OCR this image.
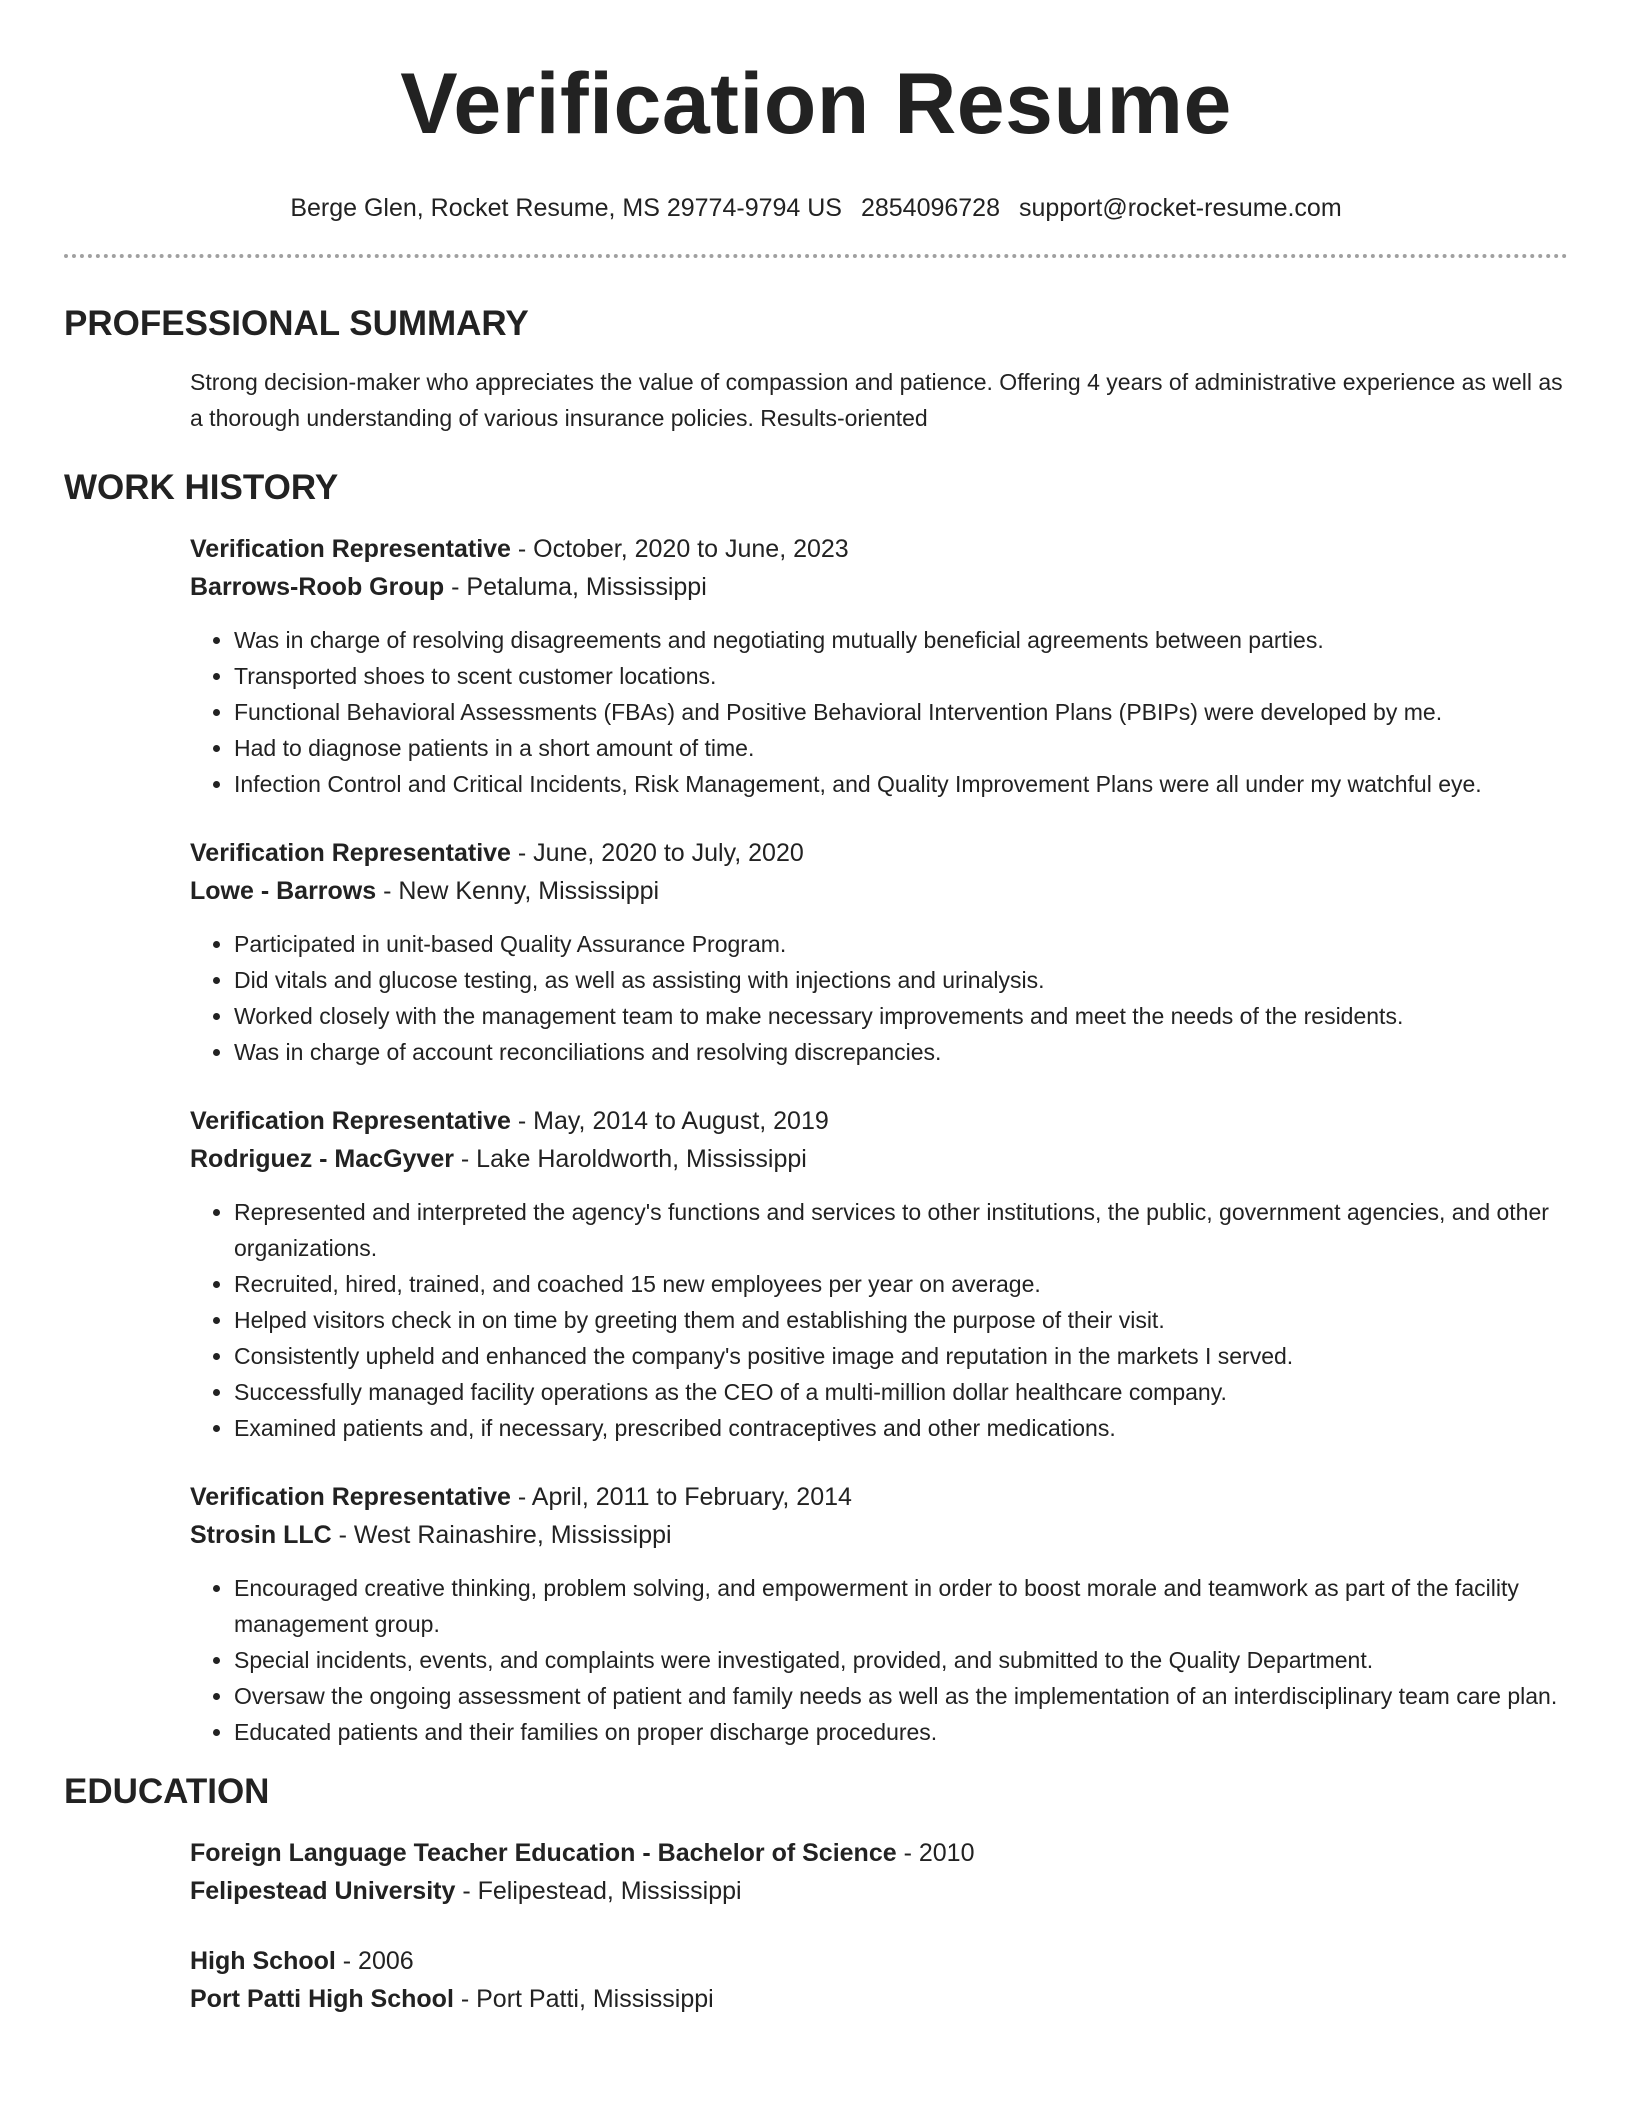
Verification Resume
Berge Glen, Rocket Resume, MS 29774-9794 US 2854096728 support@rocket-resume.com
PROFESSIONAL SUMMARY
Strong decision-maker who appreciates the value of compassion and patience. Offering 4 years of administrative experience as well as a thorough understanding of various insurance policies. Results-oriented
WORK HISTORY
Verification Representative - October, 2020 to June, 2023
Barrows-Roob Group - Petaluma, Mississippi
• Was in charge of resolving disagreements and negotiating mutually beneficial agreements between parties.
• Transported shoes to scent customer locations.
• Functional Behavioral Assessments (FBAs) and Positive Behavioral Intervention Plans (PBIPs) were developed by me.
• Had to diagnose patients in a short amount of time.
• Infection Control and Critical Incidents, Risk Management, and Quality Improvement Plans were all under my watchful eye.
Verification Representative - June, 2020 to July, 2020
Lowe - Barrows - New Kenny, Mississippi
• Participated in unit-based Quality Assurance Program.
• Did vitals and glucose testing, as well as assisting with injections and urinalysis.
• Worked closely with the management team to make necessary improvements and meet the needs of the residents.
• Was in charge of account reconciliations and resolving discrepancies.
Verification Representative - May, 2014 to August, 2019
Rodriguez - MacGyver - Lake Haroldworth, Mississippi
• Represented and interpreted the agency's functions and services to other institutions, the public, government agencies, and other organizations.
• Recruited, hired, trained, and coached 15 new employees per year on average.
• Helped visitors check in on time by greeting them and establishing the purpose of their visit.
• Consistently upheld and enhanced the company's positive image and reputation in the markets I served.
• Successfully managed facility operations as the CEO of a multi-million dollar healthcare company.
• Examined patients and, if necessary, prescribed contraceptives and other medications.
Verification Representative - April, 2011 to February, 2014
Strosin LLC - West Rainashire, Mississippi
• Encouraged creative thinking, problem solving, and empowerment in order to boost morale and teamwork as part of the facility management group.
• Special incidents, events, and complaints were investigated, provided, and submitted to the Quality Department.
• Oversaw the ongoing assessment of patient and family needs as well as the implementation of an interdisciplinary team care plan.
• Educated patients and their families on proper discharge procedures.
EDUCATION
Foreign Language Teacher Education - Bachelor of Science - 2010
Felipestead University - Felipestead, Mississippi
High School - 2006
Port Patti High School - Port Patti, Mississippi
